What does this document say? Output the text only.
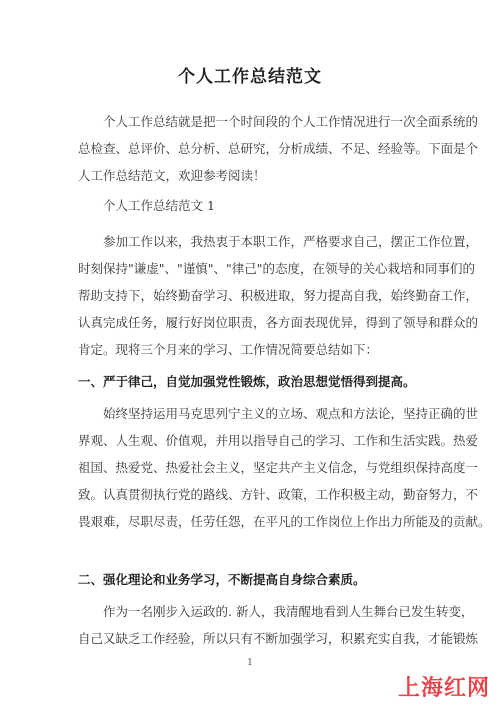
个人工作总结范文
个人工作总结就是把一个时间段的个人工作情况进行一次全面系统的
总检查、总评价、总分析、总研究，分析成绩、不足、经验等。下面是个
人工作总结范文，欢迎参考阅读！
个人工作总结范文 1
参加工作以来，我热衷于本职工作，严格要求自己，摆正工作位置，
时刻保持"谦虚"、"谨慎"、"律己"的态度，在领导的关心栽培和同事们的
帮助支持下，始终勤奋学习、积极进取，努力提高自我，始终勤奋工作，
认真完成任务，履行好岗位职责，各方面表现优异，得到了领导和群众的
肯定。现将三个月来的学习、工作情况简要总结如下：
一、严于律己，自觉加强党性锻炼，政治思想觉悟得到提高。
始终坚持运用马克思列宁主义的立场、观点和方法论，坚持正确的世
界观、人生观、价值观，并用以指导自己的学习、工作和生活实践。热爱
祖国、热爱党、热爱社会主义，坚定共产主义信念，与党组织保持高度一
致。认真贯彻执行党的路线、方针、政策，工作积极主动，勤奋努力，不
畏艰难，尽职尽责，任劳任怨，在平凡的工作岗位上作出力所能及的贡献。
二、强化理论和业务学习，不断提高自身综合素质。
作为一名刚步入运政的. 新人，我清醒地看到人生舞台已发生转变，
自己又缺乏工作经验，所以只有不断加强学习，积累充实自我，才能锻炼
1
上海红网
